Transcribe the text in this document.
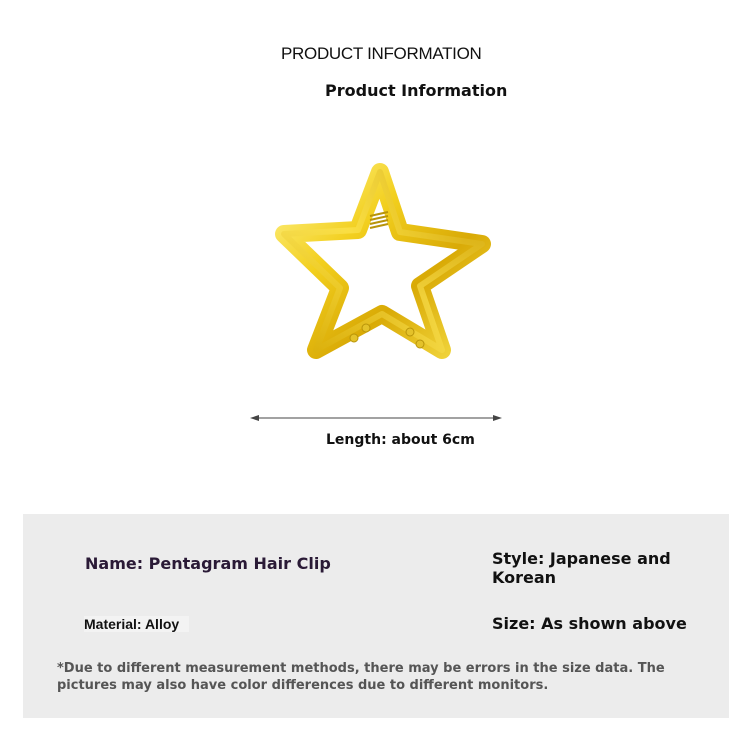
PRODUCT INFORMATION
Product Information
Length: about 6cm
Name: Pentagram Hair Clip	Style: Japanese and Korean
Material: Alloy	Size: As shown above
*Due to different measurement methods, there may be errors in the size data. The pictures may also have color differences due to different monitors.
